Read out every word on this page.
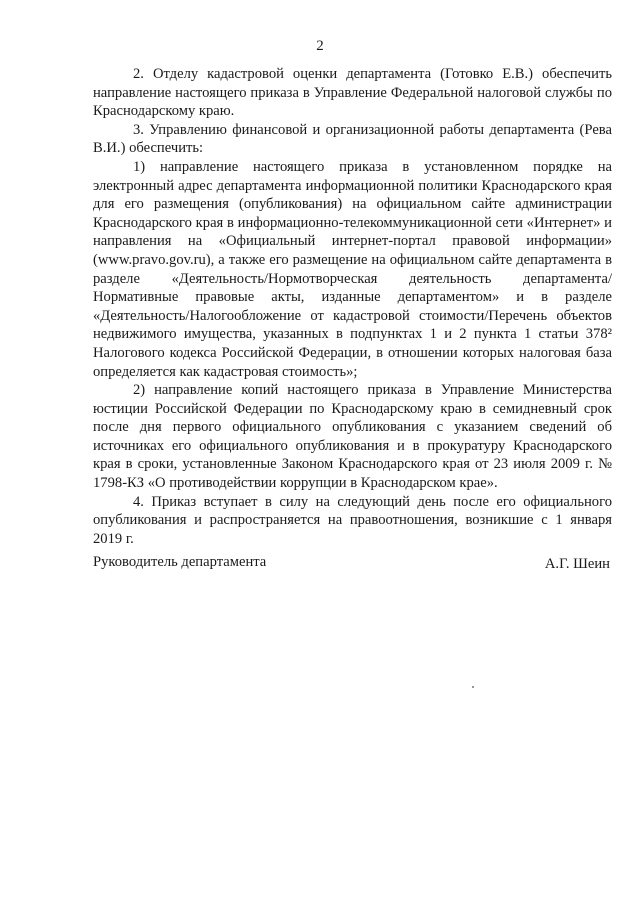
2

2. Отделу кадастровой оценки департамента (Готовко Е.В.) обеспечить направление настоящего приказа в Управление Федеральной налоговой службы по Краснодарскому краю.

3. Управлению финансовой и организационной работы департамента (Рева В.И.) обеспечить:

1) направление настоящего приказа в установленном порядке на электронный адрес департамента информационной политики Краснодарского края для его размещения (опубликования) на официальном сайте администрации Краснодарского края в информационно-телекоммуникационной сети «Интернет» и направления на «Официальный интернет-портал правовой информации» (www.pravo.gov.ru), а также его размещение на официальном сайте департамента в разделе «Деятельность/Нормотворческая деятельность департамента/Нормативные правовые акты, изданные департаментом» и в разделе «Деятельность/Налогообложение от кадастровой стоимости/Перечень объектов недвижимого имущества, указанных в подпунктах 1 и 2 пункта 1 статьи 378² Налогового кодекса Российской Федерации, в отношении которых налоговая база определяется как кадастровая стоимость»;

2) направление копий настоящего приказа в Управление Министерства юстиции Российской Федерации по Краснодарскому краю в семидневный срок после дня первого официального опубликования с указанием сведений об источниках его официального опубликования и в прокуратуру Краснодарского края в сроки, установленные Законом Краснодарского края от 23 июля 2009 г. № 1798-КЗ «О противодействии коррупции в Краснодарском крае».

4. Приказ вступает в силу на следующий день после его официального опубликования и распространяется на правоотношения, возникшие с 1 января 2019 г.

Руководитель департамента	А.Г. Шеин
